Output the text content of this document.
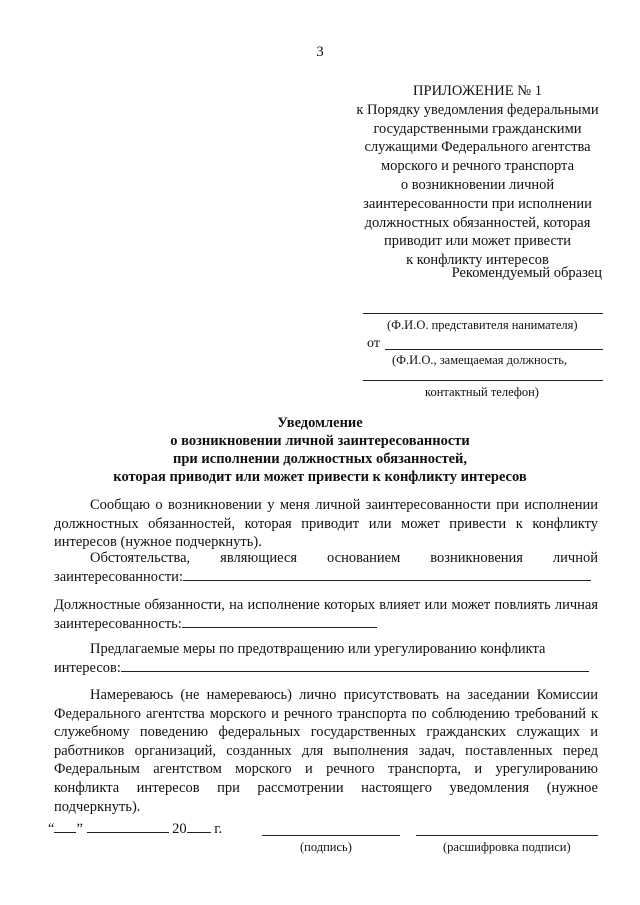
3
ПРИЛОЖЕНИЕ № 1
к Порядку уведомления федеральными
государственными гражданскими
служащими Федерального агентства
морского и речного транспорта
о возникновении личной
заинтересованности при исполнении
должностных обязанностей, которая
приводит или может привести
к конфликту интересов
Рекомендуемый образец
(Ф.И.О. представителя нанимателя)
от
(Ф.И.О., замещаемая должность,
контактный телефон)
Уведомление
о возникновении личной заинтересованности
при исполнении должностных обязанностей,
которая приводит или может привести к конфликту интересов
Сообщаю о возникновении у меня личной заинтересованности при исполнении должностных обязанностей, которая приводит или может привести к конфликту интересов (нужное подчеркнуть).
Обстоятельства, являющиеся основанием возникновения личной
заинтересованности:
Должностные обязанности, на исполнение которых влияет или может повлиять личная заинтересованность:
Предлагаемые меры по предотвращению или урегулированию конфликта
интересов:
Намереваюсь (не намереваюсь) лично присутствовать на заседании Комиссии Федерального агентства морского и речного транспорта по соблюдению требований к служебному поведению федеральных государственных гражданских служащих и работников организаций, созданных для выполнения задач, поставленных перед Федеральным агентством морского и речного транспорта, и урегулированию конфликта интересов при рассмотрении настоящего уведомления (нужное подчеркнуть).
“ ”	20 г.
(подпись)	(расшифровка подписи)
